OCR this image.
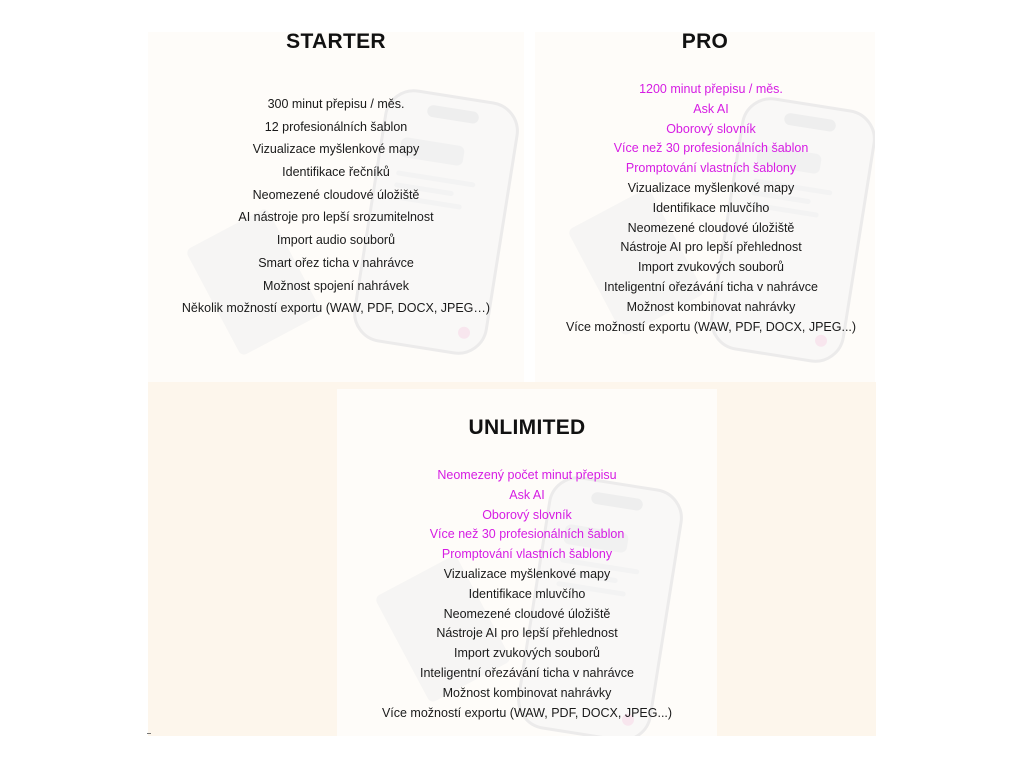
STARTER	PRO
UNLIMITED
300 minut přepisu / měs.
12 profesionálních šablon
Vizualizace myšlenkové mapy
Identifikace řečníků
Neomezené cloudové úložiště
AI nástroje pro lepší srozumitelnost
Import audio souborů
Smart ořez ticha v nahrávce
Možnost spojení nahrávek
Několik možností exportu (WAW, PDF, DOCX, JPEG…)
1200 minut přepisu / měs.
Ask AI
Oborový slovník
Více než 30 profesionálních šablon
Promptování vlastních šablony
Vizualizace myšlenkové mapy
Identifikace mluvčího
Neomezené cloudové úložiště
Nástroje AI pro lepší přehlednost
Import zvukových souborů
Inteligentní ořezávání ticha v nahrávce
Možnost kombinovat nahrávky
Více možností exportu (WAW, PDF, DOCX, JPEG...)
Neomezený počet minut přepisu
Ask AI
Oborový slovník
Více než 30 profesionálních šablon
Promptování vlastních šablony
Vizualizace myšlenkové mapy
Identifikace mluvčího
Neomezené cloudové úložiště
Nástroje AI pro lepší přehlednost
Import zvukových souborů
Inteligentní ořezávání ticha v nahrávce
Možnost kombinovat nahrávky
Více možností exportu (WAW, PDF, DOCX, JPEG...)
